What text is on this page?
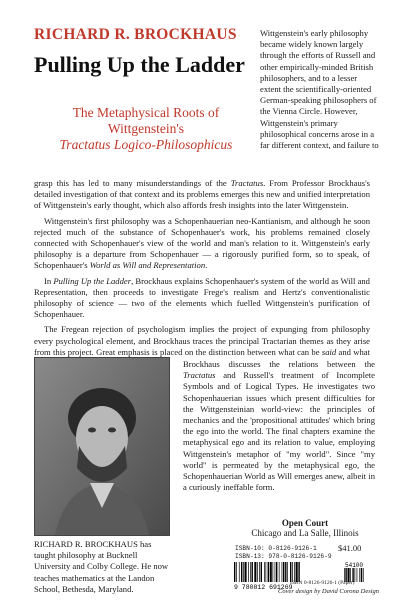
RICHARD R. BROCKHAUS
Pulling Up the Ladder
The Metaphysical Roots of Wittgenstein's
Tractatus Logico-Philosophicus
Wittgenstein's early philosophy became widely known largely through the efforts of Russell and other empirically-minded British philosophers, and to a lesser extent the scientifically-oriented German-speaking philosophers of the Vienna Circle. However, Wittgenstein's primary philosophical concerns arose in a far different context, and failure to

grasp this has led to many misunderstandings of the Tractatus. From Professor Brockhaus's detailed investigation of that context and its problems emerges this new and unified interpretation of Wittgenstein's early thought, which also affords fresh insights into the later Wittgenstein.

Wittgenstein's first philosophy was a Schopenhauerian neo-Kantianism, and although he soon rejected much of the substance of Schopenhauer's work, his problems remained closely connected with Schopenhauer's view of the world and man's relation to it. Wittgenstein's early philosophy is a departure from Schopenhauer — a rigorously purified form, so to speak, of Schopenhauer's World as Will and Representation.

In Pulling Up the Ladder, Brockhaus explains Schopenhauer's system of the world as Will and Representation, then proceeds to investigate Frege's realism and Hertz's conventionalistic philosophy of science — two of the elements which fuelled Wittgenstein's purification of Schopenhauer.

The Fregean rejection of psychologism implies the project of expunging from philosophy every psychological element, and Brockhaus traces the principal Tractarian themes as they arise from this project. Great emphasis is placed on the distinction between what can be said and what

Brockhaus discusses the relations between the Tractatus and Russell's treatment of Incomplete Symbols and of Logical Types. He investigates two Schopenhauerian issues which present difficulties for the Wittgensteinian world-view: the principles of mechanics and the 'propositional attitudes' which bring the ego into the world. The final chapters examine the metaphysical ego and its relation to value, employing Wittgenstein's metaphor of "my world". Since "my world" is permeated by the metaphysical ego, the Schopenhauerian World as Will emerges anew, albeit in a curiously ineffable form.
RICHARD R. BROCKHAUS has taught philosophy at Bucknell University and Colby College. He now teaches mathematics at the Landon School, Bethesda, Maryland.
Open Court
Chicago and La Salle, Illinois
ISBN-10: 0-8126-9126-1	$41.00
ISBN-13: 978-0-8126-9126-9
9 780812 691269
54100
ISBN 0-8126-9126-1 (Paper)
Cover design by David Corona Design
